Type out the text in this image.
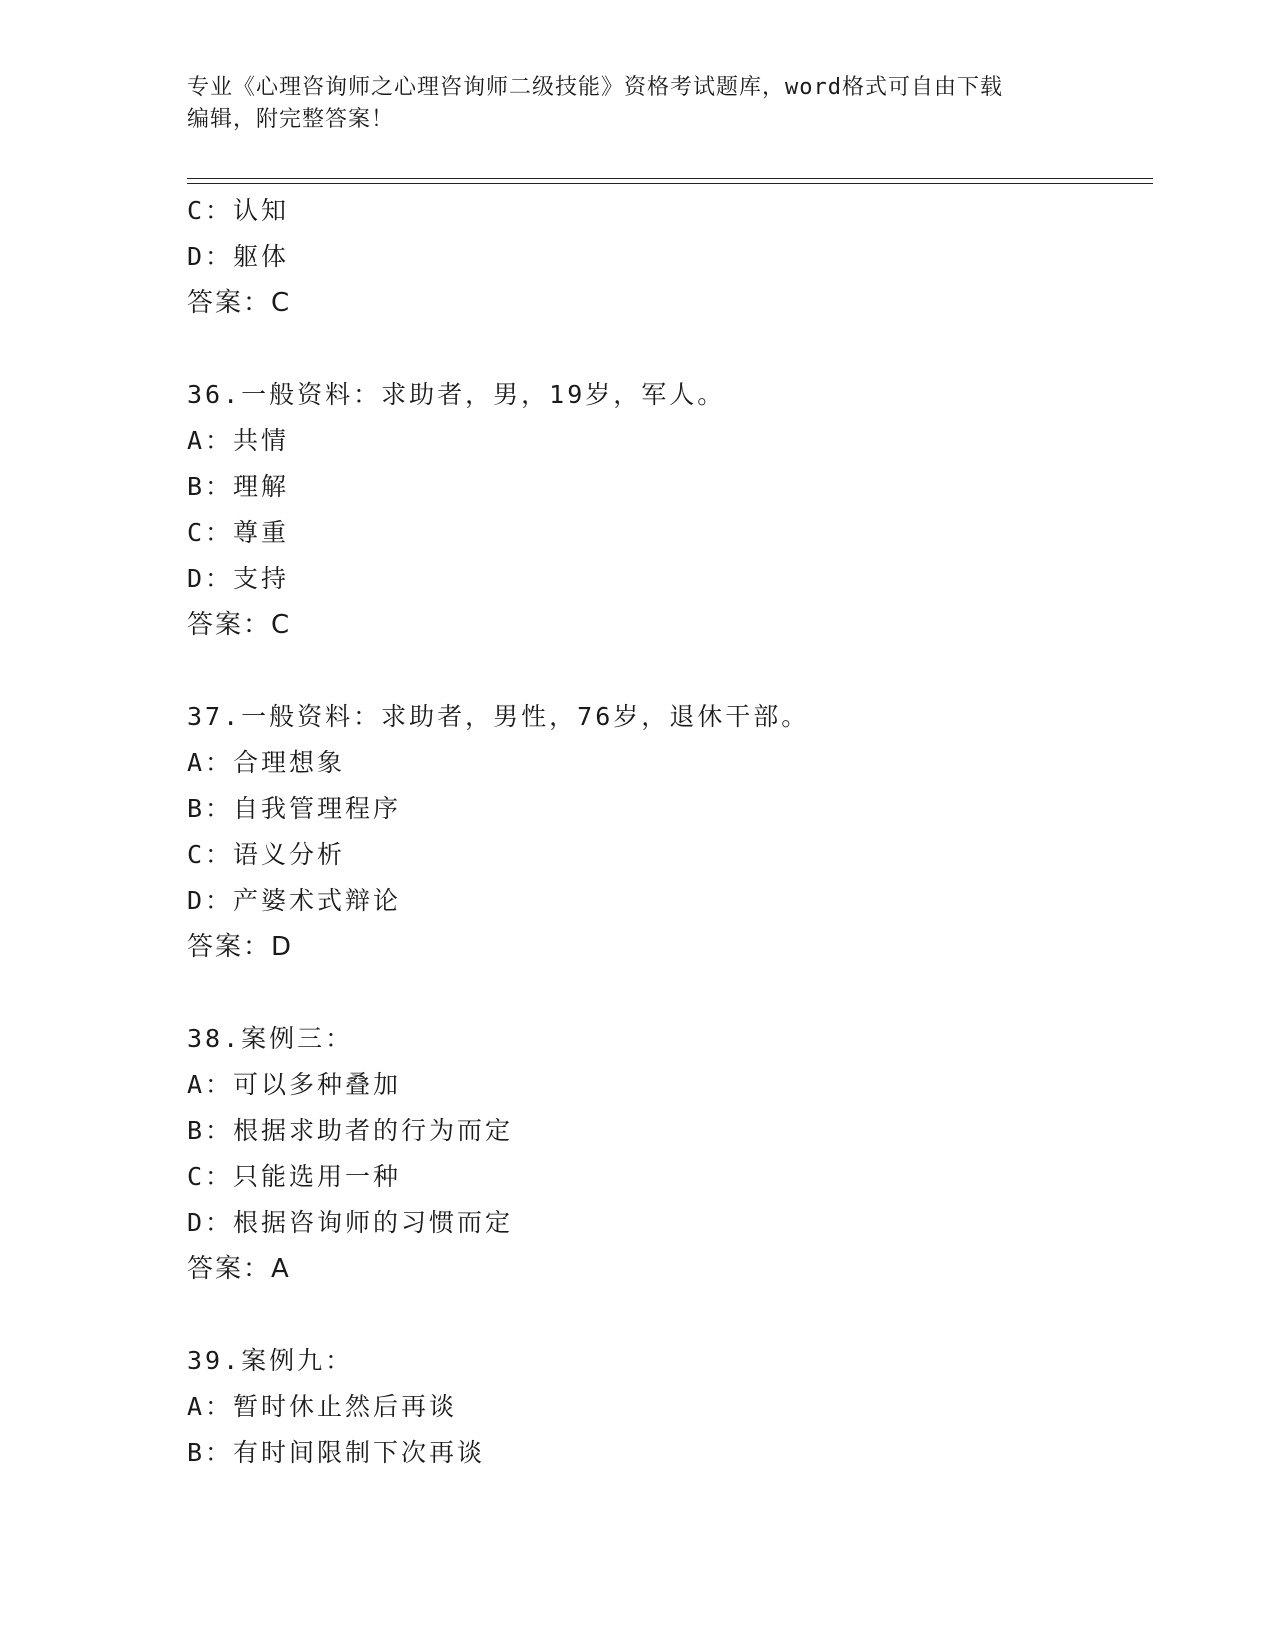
专业《心理咨询师之心理咨询师二级技能》资格考试题库，word格式可自由下载
编辑，附完整答案！
C：认知
D：躯体
答案：C
36.一般资料：求助者，男，19岁，军人。
A：共情
B：理解
C：尊重
D：支持
答案：C
37.一般资料：求助者，男性，76岁，退休干部。
A：合理想象
B：自我管理程序
C：语义分析
D：产婆术式辩论
答案：D
38.案例三：
A：可以多种叠加
B：根据求助者的行为而定
C：只能选用一种
D：根据咨询师的习惯而定
答案：A
39.案例九：
A：暂时休止然后再谈
B：有时间限制下次再谈
